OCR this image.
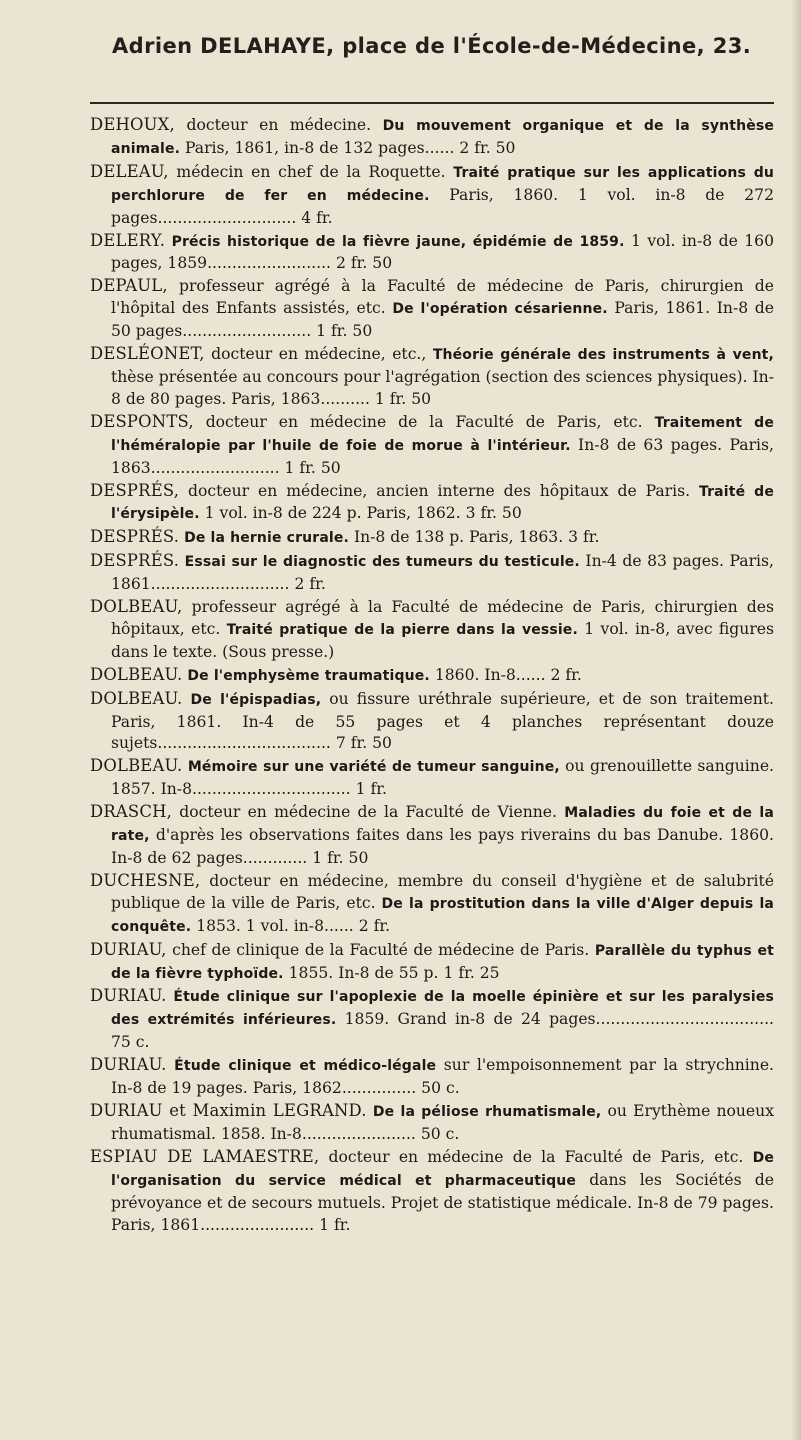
Adrien DELAHAYE, place de l'École-de-Médecine, 23.

DEHOUX, docteur en médecine. Du mouvement organique et de la synthèse animale. Paris, 1861, in-8 de 132 pages...... 2 fr. 50

DELEAU, médecin en chef de la Roquette. Traité pratique sur les applications du perchlorure de fer en médecine. Paris, 1860. 1 vol. in-8 de 272 pages............................ 4 fr.

DELERY. Précis historique de la fièvre jaune, épidémie de 1859. 1 vol. in-8 de 160 pages, 1859......................... 2 fr. 50

DEPAUL, professeur agrégé à la Faculté de médecine de Paris, chirurgien de l'hôpital des Enfants assistés, etc. De l'opération césarienne. Paris, 1861. In-8 de 50 pages.......................... 1 fr. 50

DESLÉONET, docteur en médecine, etc., Théorie générale des instruments à vent, thèse présentée au concours pour l'agrégation (section des sciences physiques). In-8 de 80 pages. Paris, 1863.......... 1 fr. 50

DESPONTS, docteur en médecine de la Faculté de Paris, etc. Traitement de l'héméralopie par l'huile de foie de morue à l'intérieur. In-8 de 63 pages. Paris, 1863.......................... 1 fr. 50

DESPRÉS, docteur en médecine, ancien interne des hôpitaux de Paris. Traité de l'érysipèle. 1 vol. in-8 de 224 p. Paris, 1862. 3 fr. 50

DESPRÉS. De la hernie crurale. In-8 de 138 p. Paris, 1863. 3 fr.

DESPRÉS. Essai sur le diagnostic des tumeurs du testicule. In-4 de 83 pages. Paris, 1861............................ 2 fr.

DOLBEAU, professeur agrégé à la Faculté de médecine de Paris, chirurgien des hôpitaux, etc. Traité pratique de la pierre dans la vessie. 1 vol. in-8, avec figures dans le texte. (Sous presse.)

DOLBEAU. De l'emphysème traumatique. 1860. In-8...... 2 fr.

DOLBEAU. De l'épispadias, ou fissure uréthrale supérieure, et de son traitement. Paris, 1861. In-4 de 55 pages et 4 planches représentant douze sujets................................... 7 fr. 50

DOLBEAU. Mémoire sur une variété de tumeur sanguine, ou grenouillette sanguine. 1857. In-8................................ 1 fr.

DRASCH, docteur en médecine de la Faculté de Vienne. Maladies du foie et de la rate, d'après les observations faites dans les pays riverains du bas Danube. 1860. In-8 de 62 pages............. 1 fr. 50

DUCHESNE, docteur en médecine, membre du conseil d'hygiène et de salubrité publique de la ville de Paris, etc. De la prostitution dans la ville d'Alger depuis la conquête. 1853. 1 vol. in-8...... 2 fr.

DURIAU, chef de clinique de la Faculté de médecine de Paris. Parallèle du typhus et de la fièvre typhoïde. 1855. In-8 de 55 p. 1 fr. 25

DURIAU. Étude clinique sur l'apoplexie de la moelle épinière et sur les paralysies des extrémités inférieures. 1859. Grand in-8 de 24 pages.................................... 75 c.

DURIAU. Étude clinique et médico-légale sur l'empoisonnement par la strychnine. In-8 de 19 pages. Paris, 1862............... 50 c.

DURIAU et Maximin LEGRAND. De la péliose rhumatismale, ou Erythème noueux rhumatismal. 1858. In-8....................... 50 c.

ESPIAU DE LAMAESTRE, docteur en médecine de la Faculté de Paris, etc. De l'organisation du service médical et pharmaceutique dans les Sociétés de prévoyance et de secours mutuels. Projet de statistique médicale. In-8 de 79 pages. Paris, 1861....................... 1 fr.
